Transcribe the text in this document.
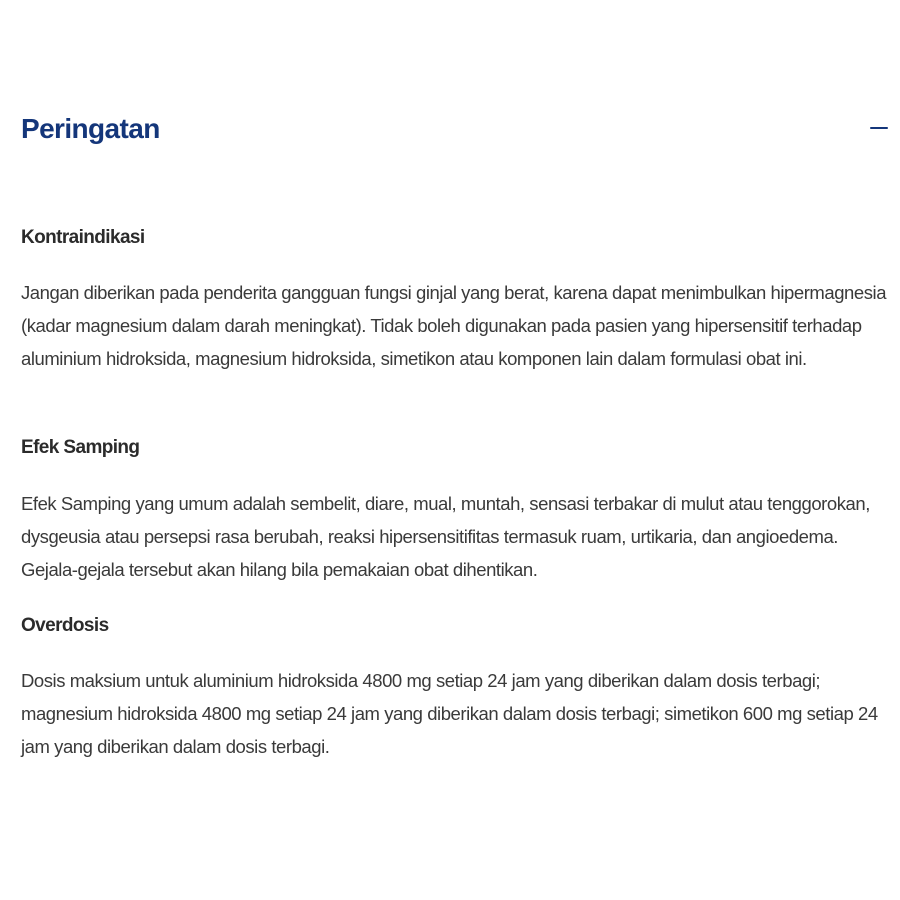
Peringatan
Kontraindikasi

Jangan diberikan pada penderita gangguan fungsi ginjal yang berat, karena dapat menimbulkan hipermagnesia (kadar magnesium dalam darah meningkat). Tidak boleh digunakan pada pasien yang hipersensitif terhadap aluminium hidroksida, magnesium hidroksida, simetikon atau komponen lain dalam formulasi obat ini.

Efek Samping

Efek Samping yang umum adalah sembelit, diare, mual, muntah, sensasi terbakar di mulut atau tenggorokan, dysgeusia atau persepsi rasa berubah, reaksi hipersensitifitas termasuk ruam, urtikaria, dan angioedema. Gejala-gejala tersebut akan hilang bila pemakaian obat dihentikan.

Overdosis

Dosis maksium untuk aluminium hidroksida 4800 mg setiap 24 jam yang diberikan dalam dosis terbagi; magnesium hidroksida 4800 mg setiap 24 jam yang diberikan dalam dosis terbagi; simetikon 600 mg setiap 24 jam yang diberikan dalam dosis terbagi.
